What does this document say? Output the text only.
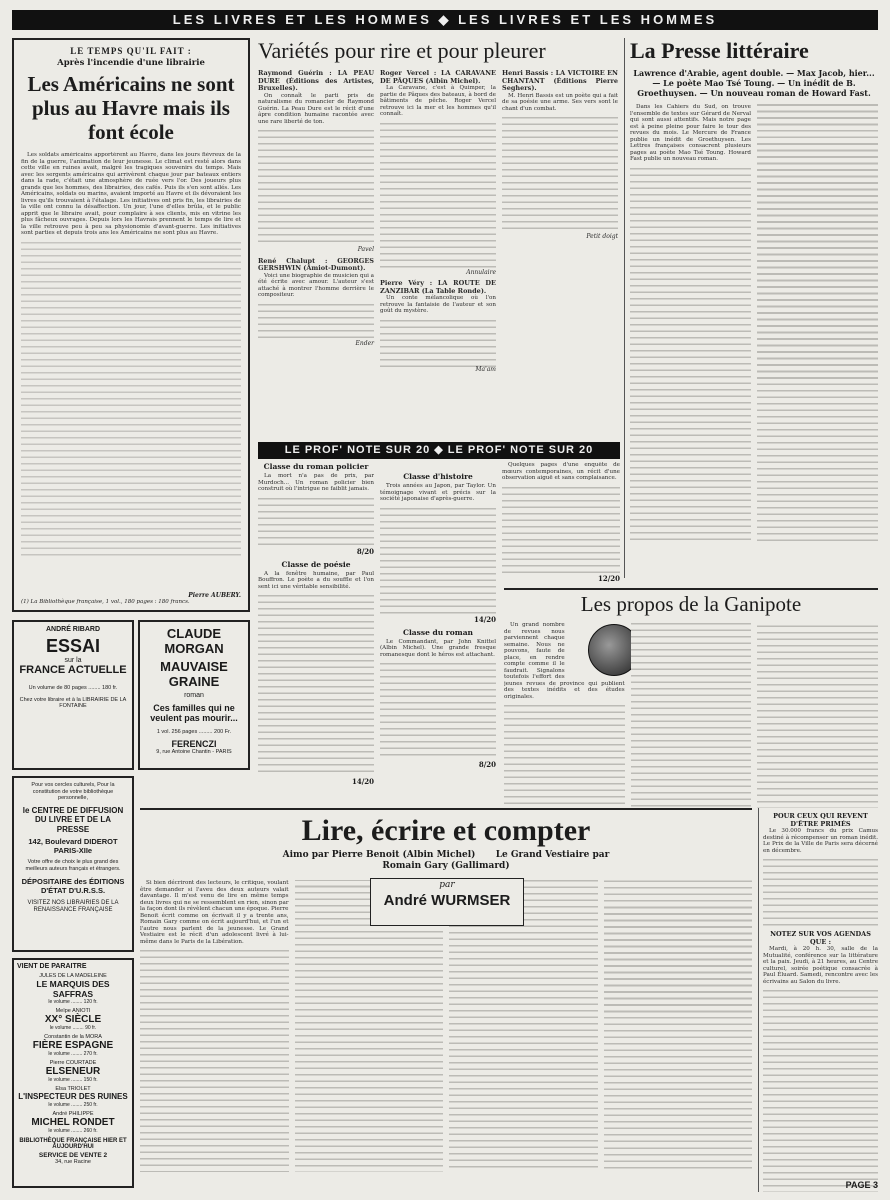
LES LIVRES ET LES HOMMES ◆ LES LIVRES ET LES HOMMES
LE TEMPS QU'IL FAIT :
Après l'incendie d'une librairie
Les Américains ne sont plus au Havre mais ils font école

Les soldats américains apportèrent au Havre, dans les jours fiévreux de la fin de la guerre, l'animation de leur jeunesse. Le climat est resté alors dans cette ville en ruines avait, malgré les tragiques souvenirs du temps. Mais avec les sergents américains qui arrivèrent chaque jour par bateaux entiers dans la rade, c'était une atmosphère de ruée vers l'or. Des joueurs plus grands que les hommes, des librairies, des cafés. Puis ils s'en sont allés. Les Américains, soldats ou marins, avaient importé au Havre et ils dévoraient les livres qu'ils trouvaient à l'étalage. Les initiatives ont pris fin, les librairies de la ville ont connu la désaffection. Un jour, l'une d'elles brûla, et le public apprit que le libraire avait, pour complaire à ses clients, mis en vitrine les plus fâcheux ouvrages. Depuis lors les Havrais prennent le temps de lire et la ville retrouve peu à peu sa physionomie d'avant-guerre. Les initiatives sont parties et depuis trois ans les Américains ne sont plus au Havre.

Pierre AUBERY.
(1) La Bibliothèque française, 1 vol., 180 pages : 180 francs.
Variétés pour rire et pour pleurer
Raymond Guérin : LA PEAU DURE (Éditions des Artistes, Bruxelles).

On connaît le parti pris de naturalisme du romancier de Raymond Guérin. La Peau Dure est le récit d'une âpre condition humaine racontée avec une rare liberté de ton.

Pavel
René Chalupt : GEORGES GERSHWIN (Amiot-Dumont).

Voici une biographie de musicien qui a été écrite avec amour. L'auteur s'est attaché à montrer l'homme derrière le compositeur.

Ender
Roger Vercel : LA CARAVANE DE PÂQUES (Albin Michel).

La Caravane, c'est à Quimper, la partie de Pâques des bateaux, à bord de bâtiments de pêche. Roger Vercel retrouve ici la mer et les hommes qu'il connaît.

Annulaire
Pierre Véry : LA ROUTE DE ZANZIBAR (La Table Ronde).

Un conte mélancolique où l'on retrouve la fantaisie de l'auteur et son goût du mystère.

Ma'am
Henri Bassis : LA VICTOIRE EN CHANTANT (Éditions Pierre Seghers).

M. Henri Bassis est un poète qui a fait de sa poésie une arme. Ses vers sont le chant d'un combat.

Petit doigt
La Presse littéraire
Lawrence d'Arabie, agent double. — Max Jacob, hier... — Le poète Mao Tsé Toung. — Un inédit de B. Groethuysen. — Un nouveau roman de Howard Fast.

Dans les Cahiers du Sud, on trouve l'ensemble de textes sur Gérard de Nerval qui sont aussi attentifs. Mais notre page est à peine pleine pour faire le tour des revues du mois. Le Mercure de France publie un inédit de Groethuysen. Les Lettres françaises consacrent plusieurs pages au poète Mao Tsé Toung. Howard Fast publie un nouveau roman.

LE PROF' NOTE SUR 20 ◆ LE PROF' NOTE SUR 20
Classe du roman policier

La mort n'a pas de prix, par Murdoch... Un roman policier bien construit où l'intrigue ne faiblit jamais.

8/20
Classe de poésie

A la fenêtre humaine, par Paul Bouffron. Le poète a du souffle et l'on sent ici une véritable sensibilité.

14/20
Classe d'histoire

Trois années au Japon, par Taylor. Un témoignage vivant et précis sur la société japonaise d'après-guerre.

14/20
Classe du roman

Le Commandant, par John Knittel (Albin Michel). Une grande fresque romanesque dont le héros est attachant.

8/20

Quelques pages d'une enquête de mœurs contemporaines, un récit d'une observation aiguë et sans complaisance.

12/20
Les propos de la Ganipote

Un grand nombre de revues nous parviennent chaque semaine. Nous ne pouvons, faute de place, en rendre compte comme il le faudrait. Signalons toutefois l'effort des jeunes revues de province qui publient des textes inédits et des études originales.

ANDRÉ RIBARD
ESSAI
sur la
FRANCE ACTUELLE
Un volume de 80 pages ........ 180 fr.
Chez votre libraire et à la LIBRAIRIE DE LA FONTAINE
CLAUDE MORGAN
MAUVAISE GRAINE
roman
Ces familles qui ne veulent pas mourir...
1 vol. 256 pages ......... 200 Fr.
FERENCZI
9, rue Antoine Chantin - PARIS
Pour vos cercles culturels, Pour la constitution de votre bibliothèque personnelle,
le CENTRE DE DIFFUSION DU LIVRE ET DE LA PRESSE
142, Boulevard DIDEROT PARIS-XIIe
Votre offre de choix le plus grand des meilleurs auteurs français et étrangers.
DÉPOSITAIRE des ÉDITIONS D'ÉTAT D'U.R.S.S.
VISITEZ NOS LIBRAIRIES DE LA RENAISSANCE FRANÇAISE
VIENT DE PARAITRE
JULES DE LA MADELEINE
LE MARQUIS DES SAFFRAS
le volume ........ 120 fr.
Meïpe ANIOTI
XX° SIÈCLE
le volume ........ 90 fr.
Constantin de la MORA
FIÈRE ESPAGNE
le volume ........ 270 fr.
Pierre COURTADE
ELSENEUR
le volume ........ 150 fr.
Elsa TRIOLET
L'INSPECTEUR DES RUINES
le volume ........ 250 fr.
André PHILIPPE
MICHEL RONDET
le volume ........ 260 fr.
BIBLIOTHÈQUE FRANÇAISE HIER ET AUJOURD'HUI
SERVICE DE VENTE 2
34, rue Racine
Lire, écrire et compter
Aimo par Pierre Benoit (Albin Michel) Le Grand Vestiaire par
Romain Gary (Gallimard)
par
André WURMSER

Si bien décriront des lecteurs, le critique, voulant être demander si l'aveu des deux auteurs valait davantage. Il m'est venu de lire en même temps deux livres qui ne se ressemblent en rien, sinon par la façon dont ils révèlent chacun une époque. Pierre Benoit écrit comme on écrivait il y a trente ans, Romain Gary comme on écrit aujourd'hui, et l'un et l'autre nous parlent de la jeunesse. Le Grand Vestiaire est le récit d'un adolescent livré à lui-même dans le Paris de la Libération.

POUR CEUX QUI REVENT D'ÊTRE PRIMÉS

Le 30.000 francs du prix Camus destiné à récompenser un roman inédit. Le Prix de la Ville de Paris sera décerné en décembre.

NOTEZ SUR VOS AGENDAS QUE :

Mardi, à 20 h. 30, salle de la Mutualité, conférence sur la littérature et la paix. Jeudi, à 21 heures, au Centre culturel, soirée poétique consacrée à Paul Éluard. Samedi, rencontre avec les écrivains au Salon du livre.

PAGE 3
